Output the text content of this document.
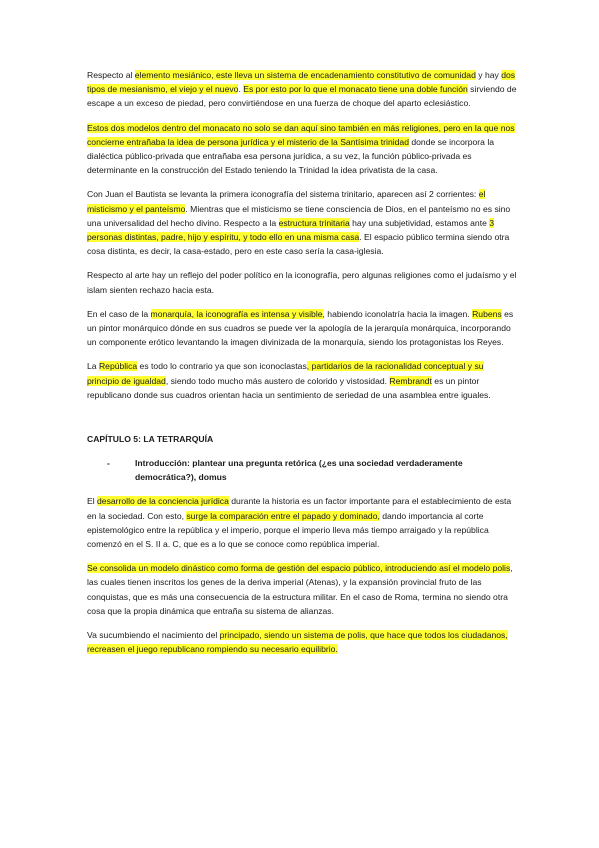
Respecto al elemento mesiánico, este lleva un sistema de encadenamiento constitutivo de comunidad y hay dos tipos de mesianismo, el viejo y el nuevo. Es por esto por lo que el monacato tiene una doble función sirviendo de escape a un exceso de piedad, pero convirtiéndose en una fuerza de choque del aparto eclesiástico.

Estos dos modelos dentro del monacato no solo se dan aquí sino también en más religiones, pero en la que nos concierne entrañaba la idea de persona jurídica y el misterio de la Santísima trinidad donde se incorpora la dialéctica público-privada que entrañaba esa persona jurídica, a su vez, la función público-privada es determinante en la construcción del Estado teniendo la Trinidad la idea privatista de la casa.

Con Juan el Bautista se levanta la primera iconografía del sistema trinitario, aparecen así 2 corrientes: el misticismo y el panteísmo. Mientras que el misticismo se tiene consciencia de Dios, en el panteísmo no es sino una universalidad del hecho divino. Respecto a la estructura trinitaria hay una subjetividad, estamos ante 3 personas distintas, padre, hijo y espíritu, y todo ello en una misma casa. El espacio público termina siendo otra cosa distinta, es decir, la casa-estado, pero en este caso sería la casa-iglesia.

Respecto al arte hay un reflejo del poder político en la iconografía, pero algunas religiones como el judaísmo y el islam sienten rechazo hacia esta.

En el caso de la monarquía, la iconografía es intensa y visible, habiendo iconolatría hacia la imagen. Rubens es un pintor monárquico dónde en sus cuadros se puede ver la apología de la jerarquía monárquica, incorporando un componente erótico levantando la imagen divinizada de la monarquía, siendo los protagonistas los Reyes.

La República es todo lo contrario ya que son iconoclastas, partidarios de la racionalidad conceptual y su principio de igualdad, siendo todo mucho más austero de colorido y vistosidad. Rembrandt es un pintor republicano donde sus cuadros orientan hacia un sentimiento de seriedad de una asamblea entre iguales.

CAPÍTULO 5: LA TETRARQUÍA
-	Introducción: plantear una pregunta retórica (¿es una sociedad verdaderamente democrática?), domus

El desarrollo de la conciencia jurídica durante la historia es un factor importante para el establecimiento de esta en la sociedad. Con esto, surge la comparación entre el papado y dominado, dando importancia al corte epistemológico entre la república y el imperio, porque el imperio lleva más tiempo arraigado y la república comenzó en el S. II a. C, que es a lo que se conoce como república imperial.

Se consolida un modelo dinástico como forma de gestión del espacio público, introduciendo así el modelo polis, las cuales tienen inscritos los genes de la deriva imperial (Atenas), y la expansión provincial fruto de las conquistas, que es más una consecuencia de la estructura militar. En el caso de Roma, termina no siendo otra cosa que la propia dinámica que entraña su sistema de alianzas.

Va sucumbiendo el nacimiento del principado, siendo un sistema de polis, que hace que todos los ciudadanos, recreasen el juego republicano rompiendo su necesario equilibrio.
